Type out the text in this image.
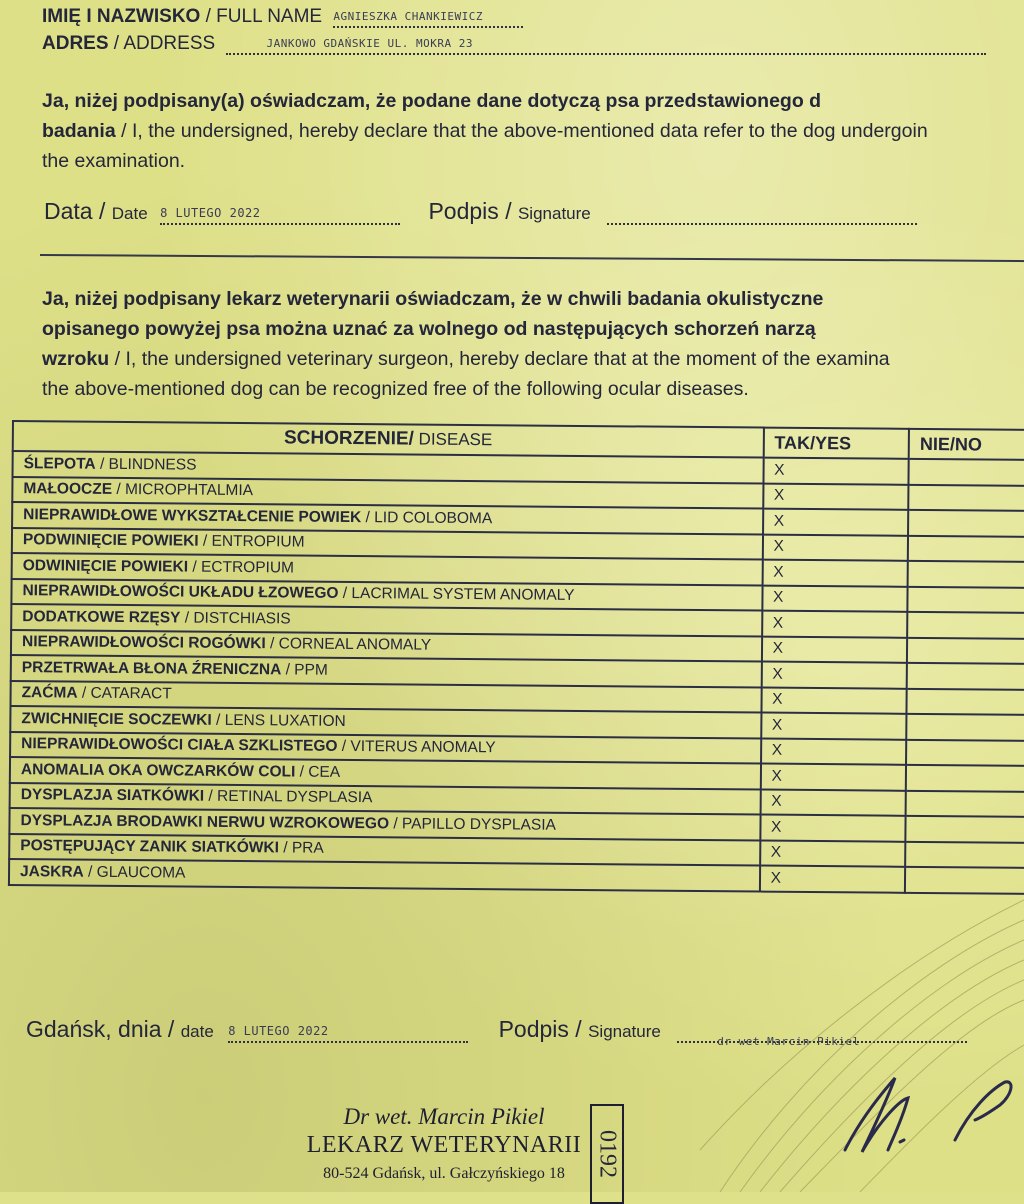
IMIĘ I NAZWISKO / FULL NAME AGNIESZKA CHANKIEWICZ
ADRES / ADDRESS	JANKOWO GDAŃSKIE UL. MOKRA 23
Ja, niżej podpisany(a) oświadczam, że podane dane dotyczą psa przedstawionego d
badania / I, the undersigned, hereby declare that the above-mentioned data refer to the dog undergoin
the examination.
Data / Date 8 LUTEGO 2022	Podpis / Signature
Ja, niżej podpisany lekarz weterynarii oświadczam, że w chwili badania okulistyczne
opisanego powyżej psa można uznać za wolnego od następujących schorzeń narzą
wzroku / I, the undersigned veterinary surgeon, hereby declare that at the moment of the examina
the above-mentioned dog can be recognized free of the following ocular diseases.
SCHORZENIE/ DISEASE	TAK/YES	NIE/NO
ŚLEPOTA / BLINDNESS	X	
MAŁOOCZE / MICROPHTALMIA	X	
NIEPRAWIDŁOWE WYKSZTAŁCENIE POWIEK / LID COLOBOMA	X	
PODWINIĘCIE POWIEKI / ENTROPIUM	X	
ODWINIĘCIE POWIEKI / ECTROPIUM	X	
NIEPRAWIDŁOWOŚCI UKŁADU ŁZOWEGO / LACRIMAL SYSTEM ANOMALY	X	
DODATKOWE RZĘSY / DISTCHIASIS	X	
NIEPRAWIDŁOWOŚCI ROGÓWKI / CORNEAL ANOMALY	X	
PRZETRWAŁA BŁONA ŹRENICZNA / PPM	X	
ZAĆMA / CATARACT	X	
ZWICHNIĘCIE SOCZEWKI / LENS LUXATION	X	
NIEPRAWIDŁOWOŚCI CIAŁA SZKLISTEGO / VITERUS ANOMALY	X	
ANOMALIA OKA OWCZARKÓW COLI / CEA	X	
DYSPLAZJA SIATKÓWKI / RETINAL DYSPLASIA	X	
DYSPLAZJA BRODAWKI NERWU WZROKOWEGO / PAPILLO DYSPLASIA	X	
POSTĘPUJĄCY ZANIK SIATKÓWKI / PRA	X	
JASKRA / GLAUCOMA	X	
Gdańsk, dnia / date 8 LUTEGO 2022	Podpis / Signature
dr wet Marcin Pikiel
Dr wet. Marcin Pikiel
LEKARZ WETERYNARII
80-524 Gdańsk, ul. Gałczyńskiego 18	0192
